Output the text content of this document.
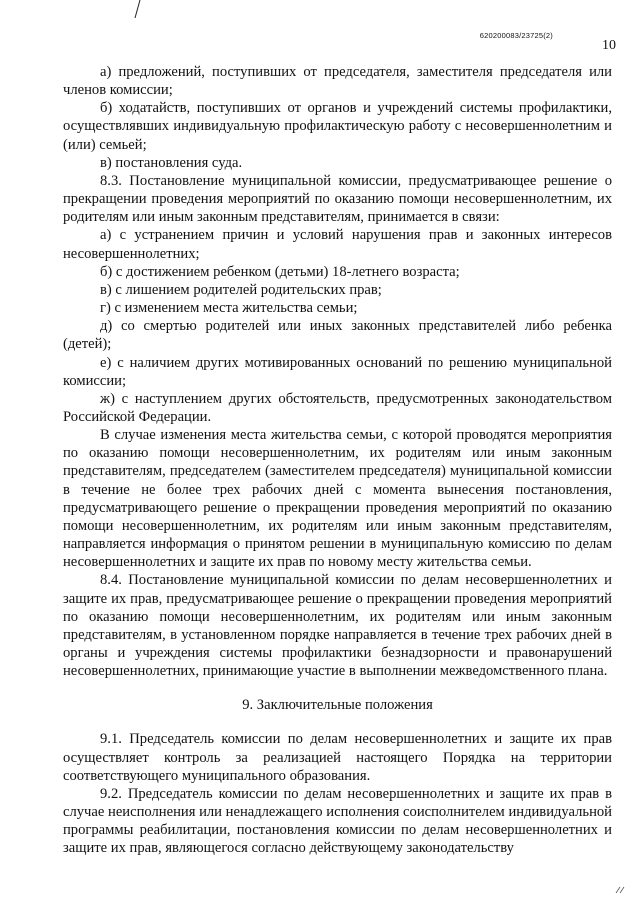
620200083/23725(2)
10

а) предложений, поступивших от председателя, заместителя председателя или членов комиссии;

б) ходатайств, поступивших от органов и учреждений системы профилактики, осуществлявших индивидуальную профилактическую работу с несовершеннолетним и (или) семьей;

в) постановления суда.

8.3. Постановление муниципальной комиссии, предусматривающее решение о прекращении проведения мероприятий по оказанию помощи несовершеннолетним, их родителям или иным законным представителям, принимается в связи:

а) с устранением причин и условий нарушения прав и законных интересов несовершеннолетних;

б) с достижением ребенком (детьми) 18-летнего возраста;

в) с лишением родителей родительских прав;

г) с изменением места жительства семьи;

д) со смертью родителей или иных законных представителей либо ребенка (детей);

е) с наличием других мотивированных оснований по решению муниципальной комиссии;

ж) с наступлением других обстоятельств, предусмотренных законодательством Российской Федерации.

В случае изменения места жительства семьи, с которой проводятся мероприятия по оказанию помощи несовершеннолетним, их родителям или иным законным представителям, председателем (заместителем председателя) муниципальной комиссии в течение не более трех рабочих дней с момента вынесения постановления, предусматривающего решение о прекращении проведения мероприятий по оказанию помощи несовершеннолетним, их родителям или иным законным представителям, направляется информация о принятом решении в муниципальную комиссию по делам несовершеннолетних и защите их прав по новому месту жительства семьи.

8.4. Постановление муниципальной комиссии по делам несовершеннолетних и защите их прав, предусматривающее решение о прекращении проведения мероприятий по оказанию помощи несовершеннолетним, их родителям или иным законным представителям, в установленном порядке направляется в течение трех рабочих дней в органы и учреждения системы профилактики безнадзорности и правонарушений несовершеннолетних, принимающие участие в выполнении межведомственного плана.

9. Заключительные положения

9.1. Председатель комиссии по делам несовершеннолетних и защите их прав осуществляет контроль за реализацией настоящего Порядка на территории соответствующего муниципального образования.

9.2. Председатель комиссии по делам несовершеннолетних и защите их прав в случае неисполнения или ненадлежащего исполнения соисполнителем индивидуальной программы реабилитации, постановления комиссии по делам несовершеннолетних и защите их прав, являющегося согласно действующему законодательству
